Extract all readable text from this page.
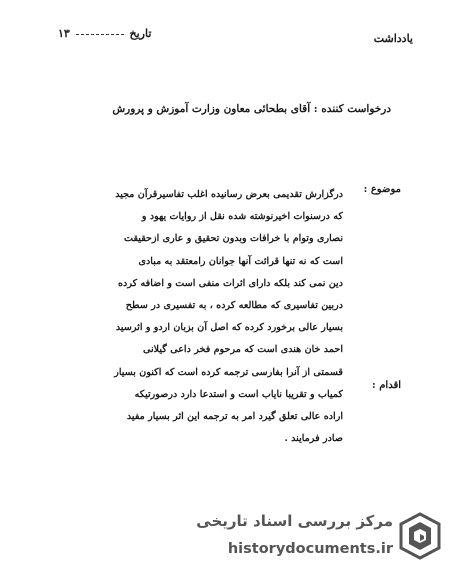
یادداشت
تاریخ  ۱۳
درخواست کننده : آقای بطحائی معاون وزارت آموزش و پرورش
موضوع :
اقدام :
درگزارش تقدیمی بعرض رسانیده اغلب تفاسیرقرآن مجید
که درسنوات اخیرنوشته شده نقل از روایات یهود و
نصاری وتوام با خرافات وبدون تحقیق و عاری ازحقیقت
است که نه تنها قرائت آنها جوانان رامعتقد به مبادی
دین نمی کند بلکه دارای اثرات منفی است و اضافه کرده
دربین تفاسیری که مطالعه کرده ، به تفسیری در سطح
بسیار عالی برخورد کرده که اصل آن بزبان اردو و اثرسید
احمد خان هندی است که مرحوم فخر داعی گیلانی
قسمتی از آنرا بفارسی ترجمه کرده است که اکنون بسیار
کمیاب و تقریبا نایاب است و استدعا دارد درصورتیکه
اراده عالی تعلق گیرد امر به ترجمه این اثر بسیار مفید
صادر فرمایند .
مرکز بررسی اسناد تاریخی
historydocuments.ir
